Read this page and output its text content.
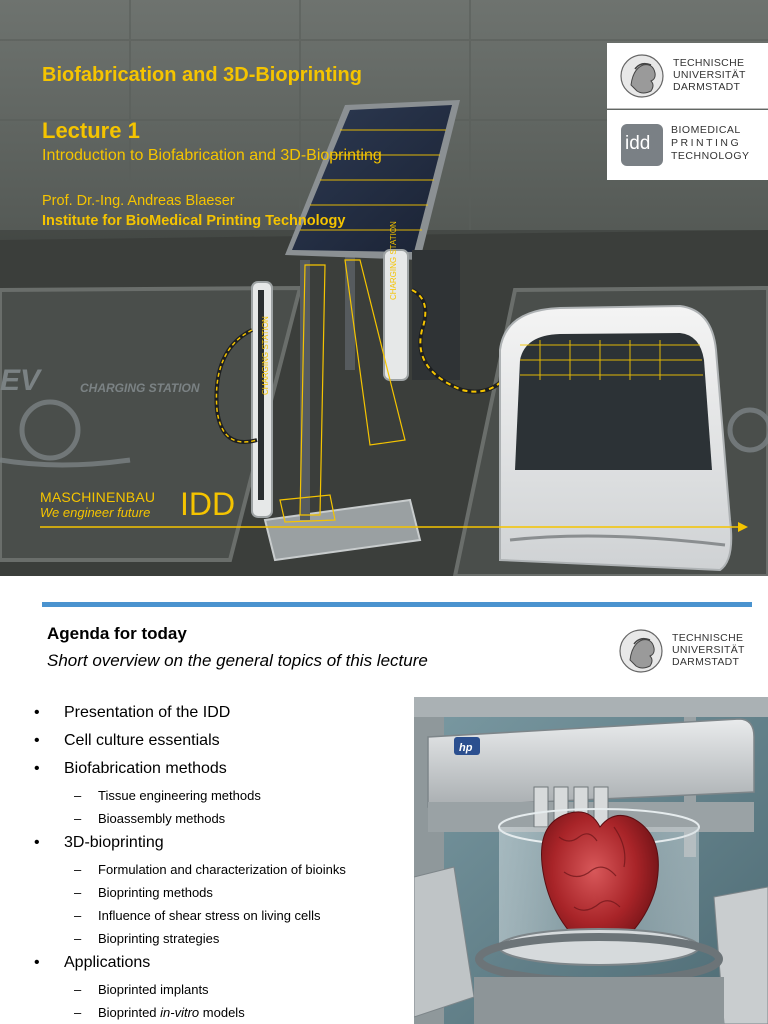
EV	CHARGING STATION	CHARGING STATION
CHARGING STATION
Biofabrication and 3D-Bioprinting
Lecture 1
Introduction to Biofabrication and 3D-Bioprinting
Prof. Dr.-Ing. Andreas Blaeser
Institute for BioMedical Printing Technology
TECHNISCHE
UNIVERSITÄT
DARMSTADT
idd
BIOMEDICAL
PRINTING
TECHNOLOGY
MASCHINENBAU
We engineer future IDD
Agenda for today
Short overview on the general topics of this lecture
TECHNISCHE
UNIVERSITÄT
DARMSTADT
• Presentation of the IDD
• Cell culture essentials
• Biofabrication methods
– Tissue engineering methods
– Bioassembly methods
• 3D-bioprinting
– Formulation and characterization of bioinks
– Bioprinting methods
– Influence of shear stress on living cells
– Bioprinting strategies
• Applications
– Bioprinted implants
– Bioprinted in-vitro models
hp
